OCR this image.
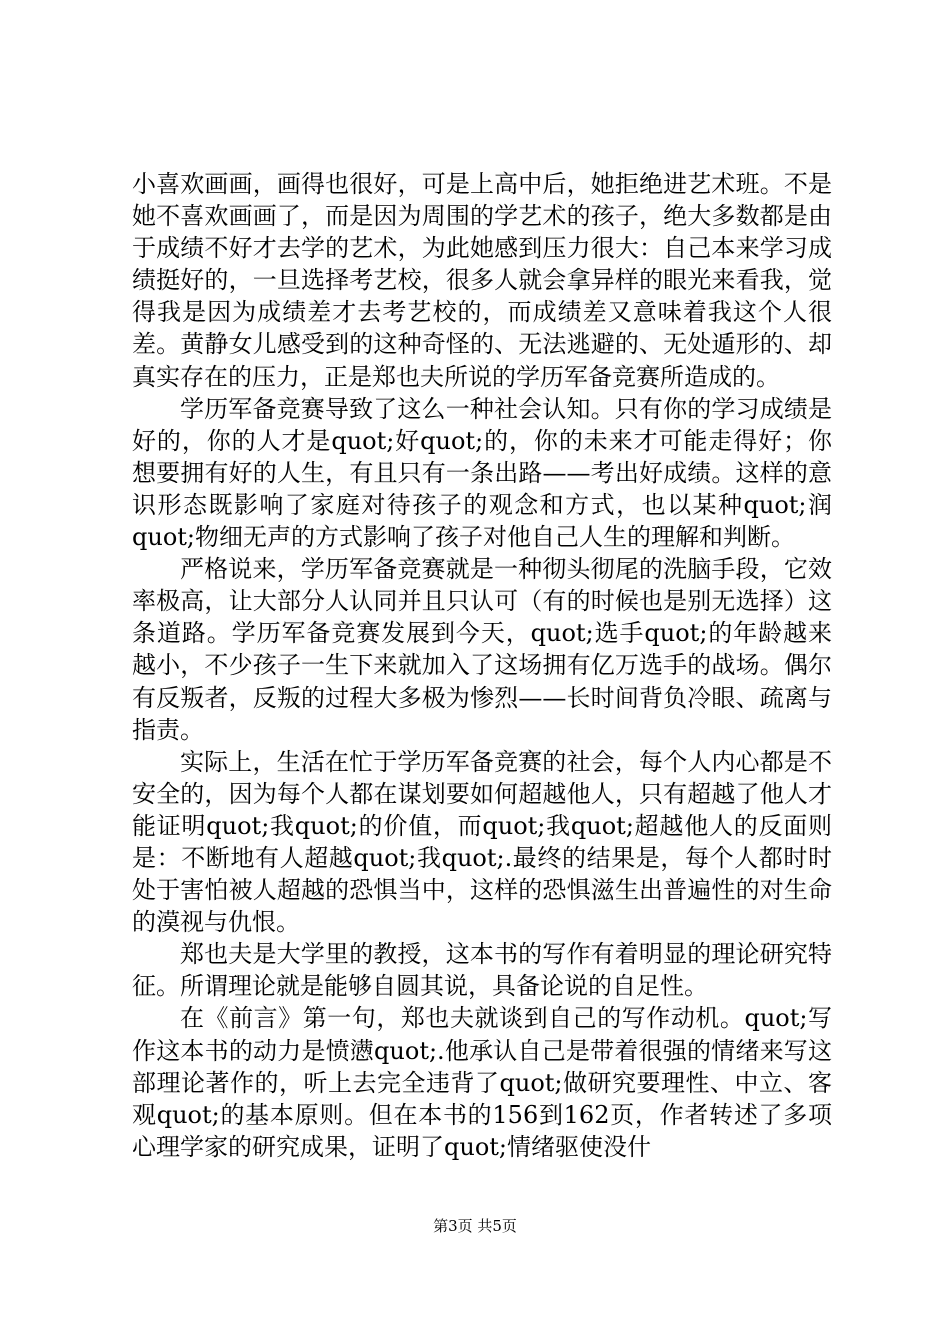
小喜欢画画，画得也很好，可是上高中后，她拒绝进艺术班。不是她不喜欢画画了，而是因为周围的学艺术的孩子，绝大多数都是由于成绩不好才去学的艺术，为此她感到压力很大：自己本来学习成绩挺好的，一旦选择考艺校，很多人就会拿异样的眼光来看我，觉得我是因为成绩差才去考艺校的，而成绩差又意味着我这个人很差。黄静女儿感受到的这种奇怪的、无法逃避的、无处遁形的、却真实存在的压力，正是郑也夫所说的学历军备竞赛所造成的。

学历军备竞赛导致了这么一种社会认知。只有你的学习成绩是好的，你的人才是quot;好quot;的，你的未来才可能走得好；你想要拥有好的人生，有且只有一条出路——考出好成绩。这样的意识形态既影响了家庭对待孩子的观念和方式，也以某种quot;润quot;物细无声的方式影响了孩子对他自己人生的理解和判断。

严格说来，学历军备竞赛就是一种彻头彻尾的洗脑手段，它效率极高，让大部分人认同并且只认可（有的时候也是别无选择）这条道路。学历军备竞赛发展到今天，quot;选手quot;的年龄越来越小，不少孩子一生下来就加入了这场拥有亿万选手的战场。偶尔有反叛者，反叛的过程大多极为惨烈——长时间背负冷眼、疏离与指责。

实际上，生活在忙于学历军备竞赛的社会，每个人内心都是不安全的，因为每个人都在谋划要如何超越他人，只有超越了他人才能证明quot;我quot;的价值，而quot;我quot;超越他人的反面则是：不断地有人超越quot;我quot;.最终的结果是，每个人都时时处于害怕被人超越的恐惧当中，这样的恐惧滋生出普遍性的对生命的漠视与仇恨。

郑也夫是大学里的教授，这本书的写作有着明显的理论研究特征。所谓理论就是能够自圆其说，具备论说的自足性。

在《前言》第一句，郑也夫就谈到自己的写作动机。quot;写作这本书的动力是愤懑quot;.他承认自己是带着很强的情绪来写这部理论著作的，听上去完全违背了quot;做研究要理性、中立、客观quot;的基本原则。但在本书的156到162页，作者转述了多项心理学家的研究成果，证明了quot;情绪驱使没什

第3页 共5页
